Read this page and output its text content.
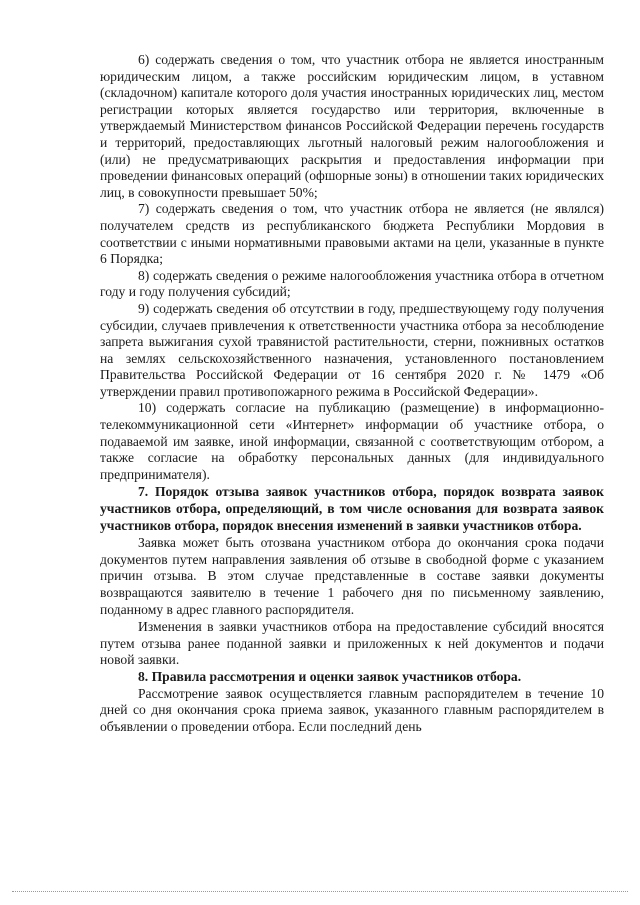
6) содержать сведения о том, что участник отбора не является иностранным юридическим лицом, а также российским юридическим лицом, в уставном (складочном) капитале которого доля участия иностранных юридических лиц, местом регистрации которых является государство или территория, включенные в утверждаемый Министерством финансов Российской Федерации перечень государств и территорий, предоставляющих льготный налоговый режим налогообложения и (или) не предусматривающих раскрытия и предоставления информации при проведении финансовых операций (офшорные зоны) в отношении таких юридических лиц, в совокупности превышает 50%;

7) содержать сведения о том, что участник отбора не является (не являлся) получателем средств из республиканского бюджета Республики Мордовия в соответствии с иными нормативными правовыми актами на цели, указанные в пункте 6 Порядка;

8) содержать сведения о режиме налогообложения участника отбора в отчетном году и году получения субсидий;

9) содержать сведения об отсутствии в году, предшествующему году получения субсидии, случаев привлечения к ответственности участника отбора за несоблюдение запрета выжигания сухой травянистой растительности, стерни, пожнивных остатков на землях сельскохозяйственного назначения, установленного постановлением Правительства Российской Федерации от 16 сентября 2020 г. № 1479 «Об утверждении правил противопожарного режима в Российской Федерации».

10) содержать согласие на публикацию (размещение) в информационно-телекоммуникационной сети «Интернет» информации об участнике отбора, о подаваемой им заявке, иной информации, связанной с соответствующим отбором, а также согласие на обработку персональных данных (для индивидуального предпринимателя).

7. Порядок отзыва заявок участников отбора, порядок возврата заявок участников отбора, определяющий, в том числе основания для возврата заявок участников отбора, порядок внесения изменений в заявки участников отбора.

Заявка может быть отозвана участником отбора до окончания срока подачи документов путем направления заявления об отзыве в свободной форме с указанием причин отзыва. В этом случае представленные в составе заявки документы возвращаются заявителю в течение 1 рабочего дня по письменному заявлению, поданному в адрес главного распорядителя.

Изменения в заявки участников отбора на предоставление субсидий вносятся путем отзыва ранее поданной заявки и приложенных к ней документов и подачи новой заявки.

8. Правила рассмотрения и оценки заявок участников отбора.

Рассмотрение заявок осуществляется главным распорядителем в течение 10 дней со дня окончания срока приема заявок, указанного главным распорядителем в объявлении о проведении отбора. Если последний день
